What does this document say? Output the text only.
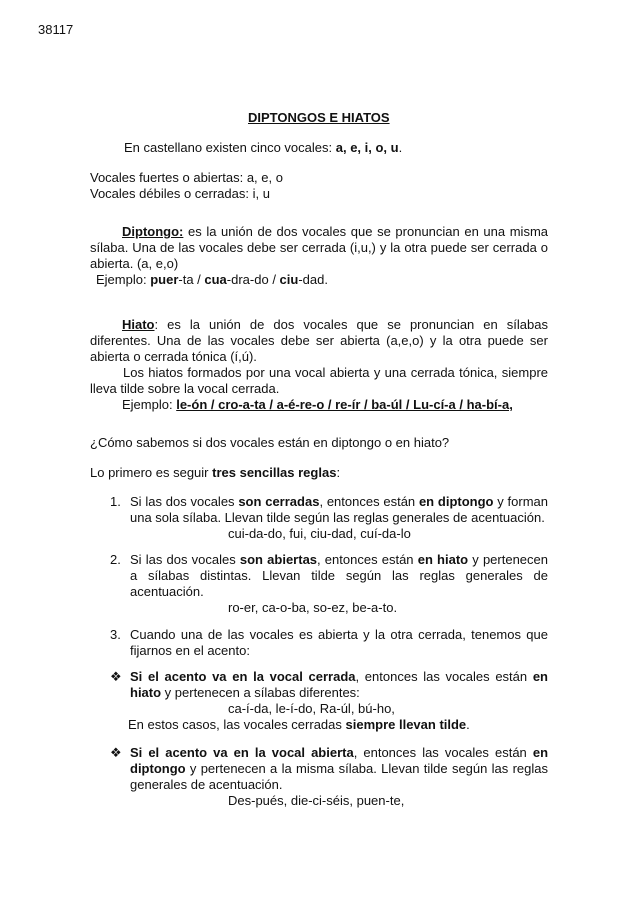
38117
DIPTONGOS E HIATOS
En castellano existen cinco vocales: a, e, i, o, u.
Vocales fuertes o abiertas: a, e, o
Vocales débiles o cerradas: i, u
Diptongo: es la unión de dos vocales que se pronuncian en una misma sílaba. Una de las vocales debe ser cerrada (i,u,) y la otra puede ser cerrada o abierta. (a, e,o)
Ejemplo: puer-ta / cua-dra-do / ciu-dad.
Hiato: es la unión de dos vocales que se pronuncian en sílabas diferentes. Una de las vocales debe ser abierta (a,e,o) y la otra puede ser abierta o cerrada tónica (í,ú).
Los hiatos formados por una vocal abierta y una cerrada tónica, siempre lleva tilde sobre la vocal cerrada.
Ejemplo: le-ón / cro-a-ta / a-é-re-o / re-ír / ba-úl / Lu-cí-a / ha-bí-a,
¿Cómo sabemos si dos vocales están en diptongo o en hiato?
Lo primero es seguir tres sencillas reglas:
1. Si las dos vocales son cerradas, entonces están en diptongo y forman una sola sílaba. Llevan tilde según las reglas generales de acentuación.
cui-da-do, fui, ciu-dad, cuí-da-lo
2. Si las dos vocales son abiertas, entonces están en hiato y pertenecen a sílabas distintas. Llevan tilde según las reglas generales de acentuación.
ro-er, ca-o-ba, so-ez, be-a-to.
3. Cuando una de las vocales es abierta y la otra cerrada, tenemos que fijarnos en el acento:
❖ Si el acento va en la vocal cerrada, entonces las vocales están en hiato y pertenecen a sílabas diferentes:
ca-í-da, le-í-do, Ra-úl, bú-ho,
En estos casos, las vocales cerradas siempre llevan tilde.
❖ Si el acento va en la vocal abierta, entonces las vocales están en diptongo y pertenecen a la misma sílaba. Llevan tilde según las reglas generales de acentuación.
Des-pués, die-ci-séis, puen-te,
